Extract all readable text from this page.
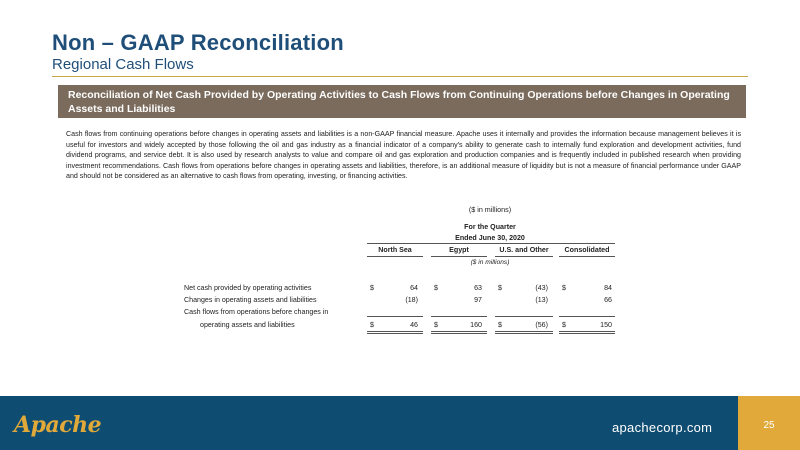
Non – GAAP Reconciliation
Regional Cash Flows
Reconciliation of Net Cash Provided by Operating Activities to Cash Flows from Continuing Operations before Changes in Operating Assets and Liabilities
Cash flows from continuing operations before changes in operating assets and liabilities is a non-GAAP financial measure. Apache uses it internally and provides the information because management believes it is useful for investors and widely accepted by those following the oil and gas industry as a financial indicator of a company's ability to generate cash to internally fund exploration and development activities, fund dividend programs, and service debt. It is also used by research analysts to value and compare oil and gas exploration and production companies and is frequently included in published research when providing investment recommendations. Cash flows from operations before changes in operating assets and liabilities, therefore, is an additional measure of liquidity but is not a measure of financial performance under GAAP and should not be considered as an alternative to cash flows from operating, investing, or financing activities.
($ in millions)
For the Quarter
Ended June 30, 2020
North Sea	Egypt	U.S. and Other	Consolidated
($ in millions)
Net cash provided by operating activities	$	64 $	63 $	(43) $	84
Changes in operating assets and liabilities	(18)	97	(13)	66
Cash flows from operations before changes in
operating assets and liabilities	$	46 $	160 $	(56) $	150
Apache	apachecorp.com	25
